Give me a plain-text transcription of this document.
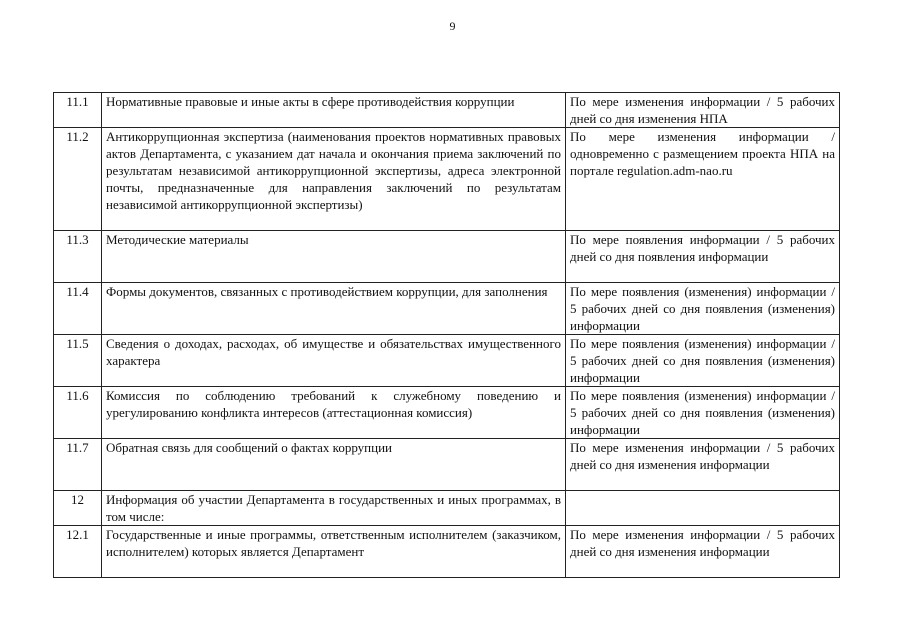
9
11.1	Нормативные правовые и иные акты в сфере противодействия коррупции	По мере изменения информации / 5 рабочих дней со дня изменения НПА
11.2	Антикоррупционная экспертиза (наименования проектов нормативных правовых актов Департамента, с указанием дат начала и окончания приема заключений по результатам независимой антикоррупционной экспертизы, адреса электронной почты, предназначенные для направления заключений по результатам независимой антикоррупционной экспертизы)	По мере изменения информации / одновременно с размещением проекта НПА на портале regulation.adm-nao.ru
11.3	Методические материалы	По мере появления информации / 5 рабочих дней со дня появления информации
11.4	Формы документов, связанных с противодействием коррупции, для заполнения	По мере появления (изменения) информации / 5 рабочих дней со дня появления (изменения) информации
11.5	Сведения о доходах, расходах, об имуществе и обязательствах имущественного характера	По мере появления (изменения) информации / 5 рабочих дней со дня появления (изменения) информации
11.6	Комиссия по соблюдению требований к служебному поведению и урегулированию конфликта интересов (аттестационная комиссия)	По мере появления (изменения) информации / 5 рабочих дней со дня появления (изменения) информации
11.7	Обратная связь для сообщений о фактах коррупции	По мере изменения информации / 5 рабочих дней со дня изменения информации
12	Информация об участии Департамента в государственных и иных программах, в том числе:	
12.1	Государственные и иные программы, ответственным исполнителем (заказчиком, исполнителем) которых является Департамент	По мере изменения информации / 5 рабочих дней со дня изменения информации
